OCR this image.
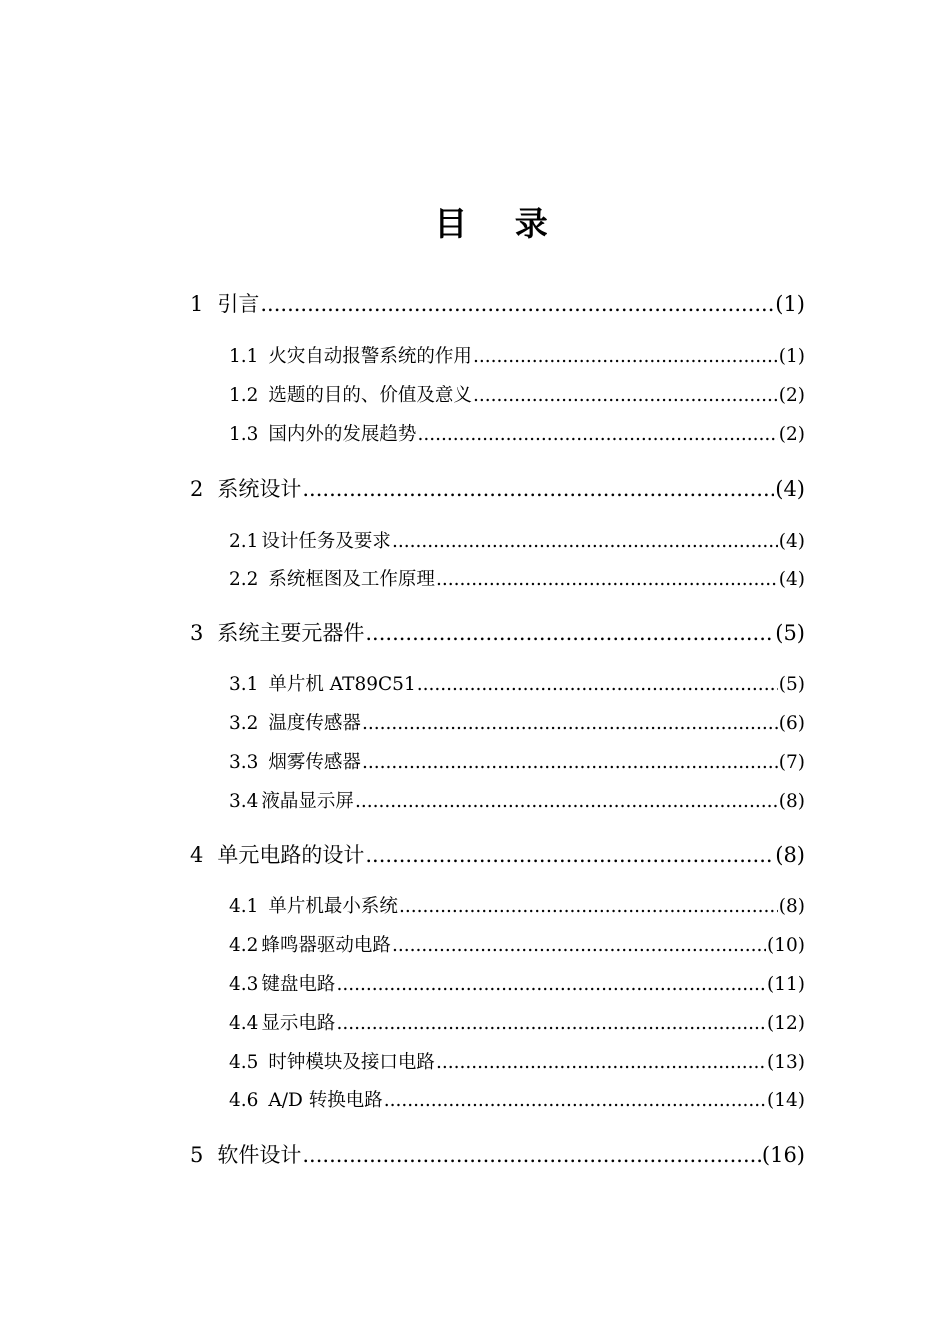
目 录
1 引言 .....	(1)
1.1 火灾自动报警系统的作用 .....	(1)
1.2 选题的目的、价值及意义 .....	(2)
1.3 国内外的发展趋势 .....	(2)
2 系统设计 .....	(4)
2.1 设计任务及要求 .....	(4)
2.2 系统框图及工作原理 .....	(4)
3 系统主要元器件 .....	(5)
3.1 单片机 AT89C51 .....	(5)
3.2 温度传感器 .....	(6)
3.3 烟雾传感器 .....	(7)
3.4 液晶显示屏 .....	(8)
4 单元电路的设计 .....	(8)
4.1 单片机最小系统 .....	(8)
4.2 蜂鸣器驱动电路 .....	(10)
4.3 键盘电路 .....	(11)
4.4 显示电路 .....	(12)
4.5 时钟模块及接口电路 .....	(13)
4.6 A/D 转换电路 .....	(14)
5 软件设计 .....	(16)
